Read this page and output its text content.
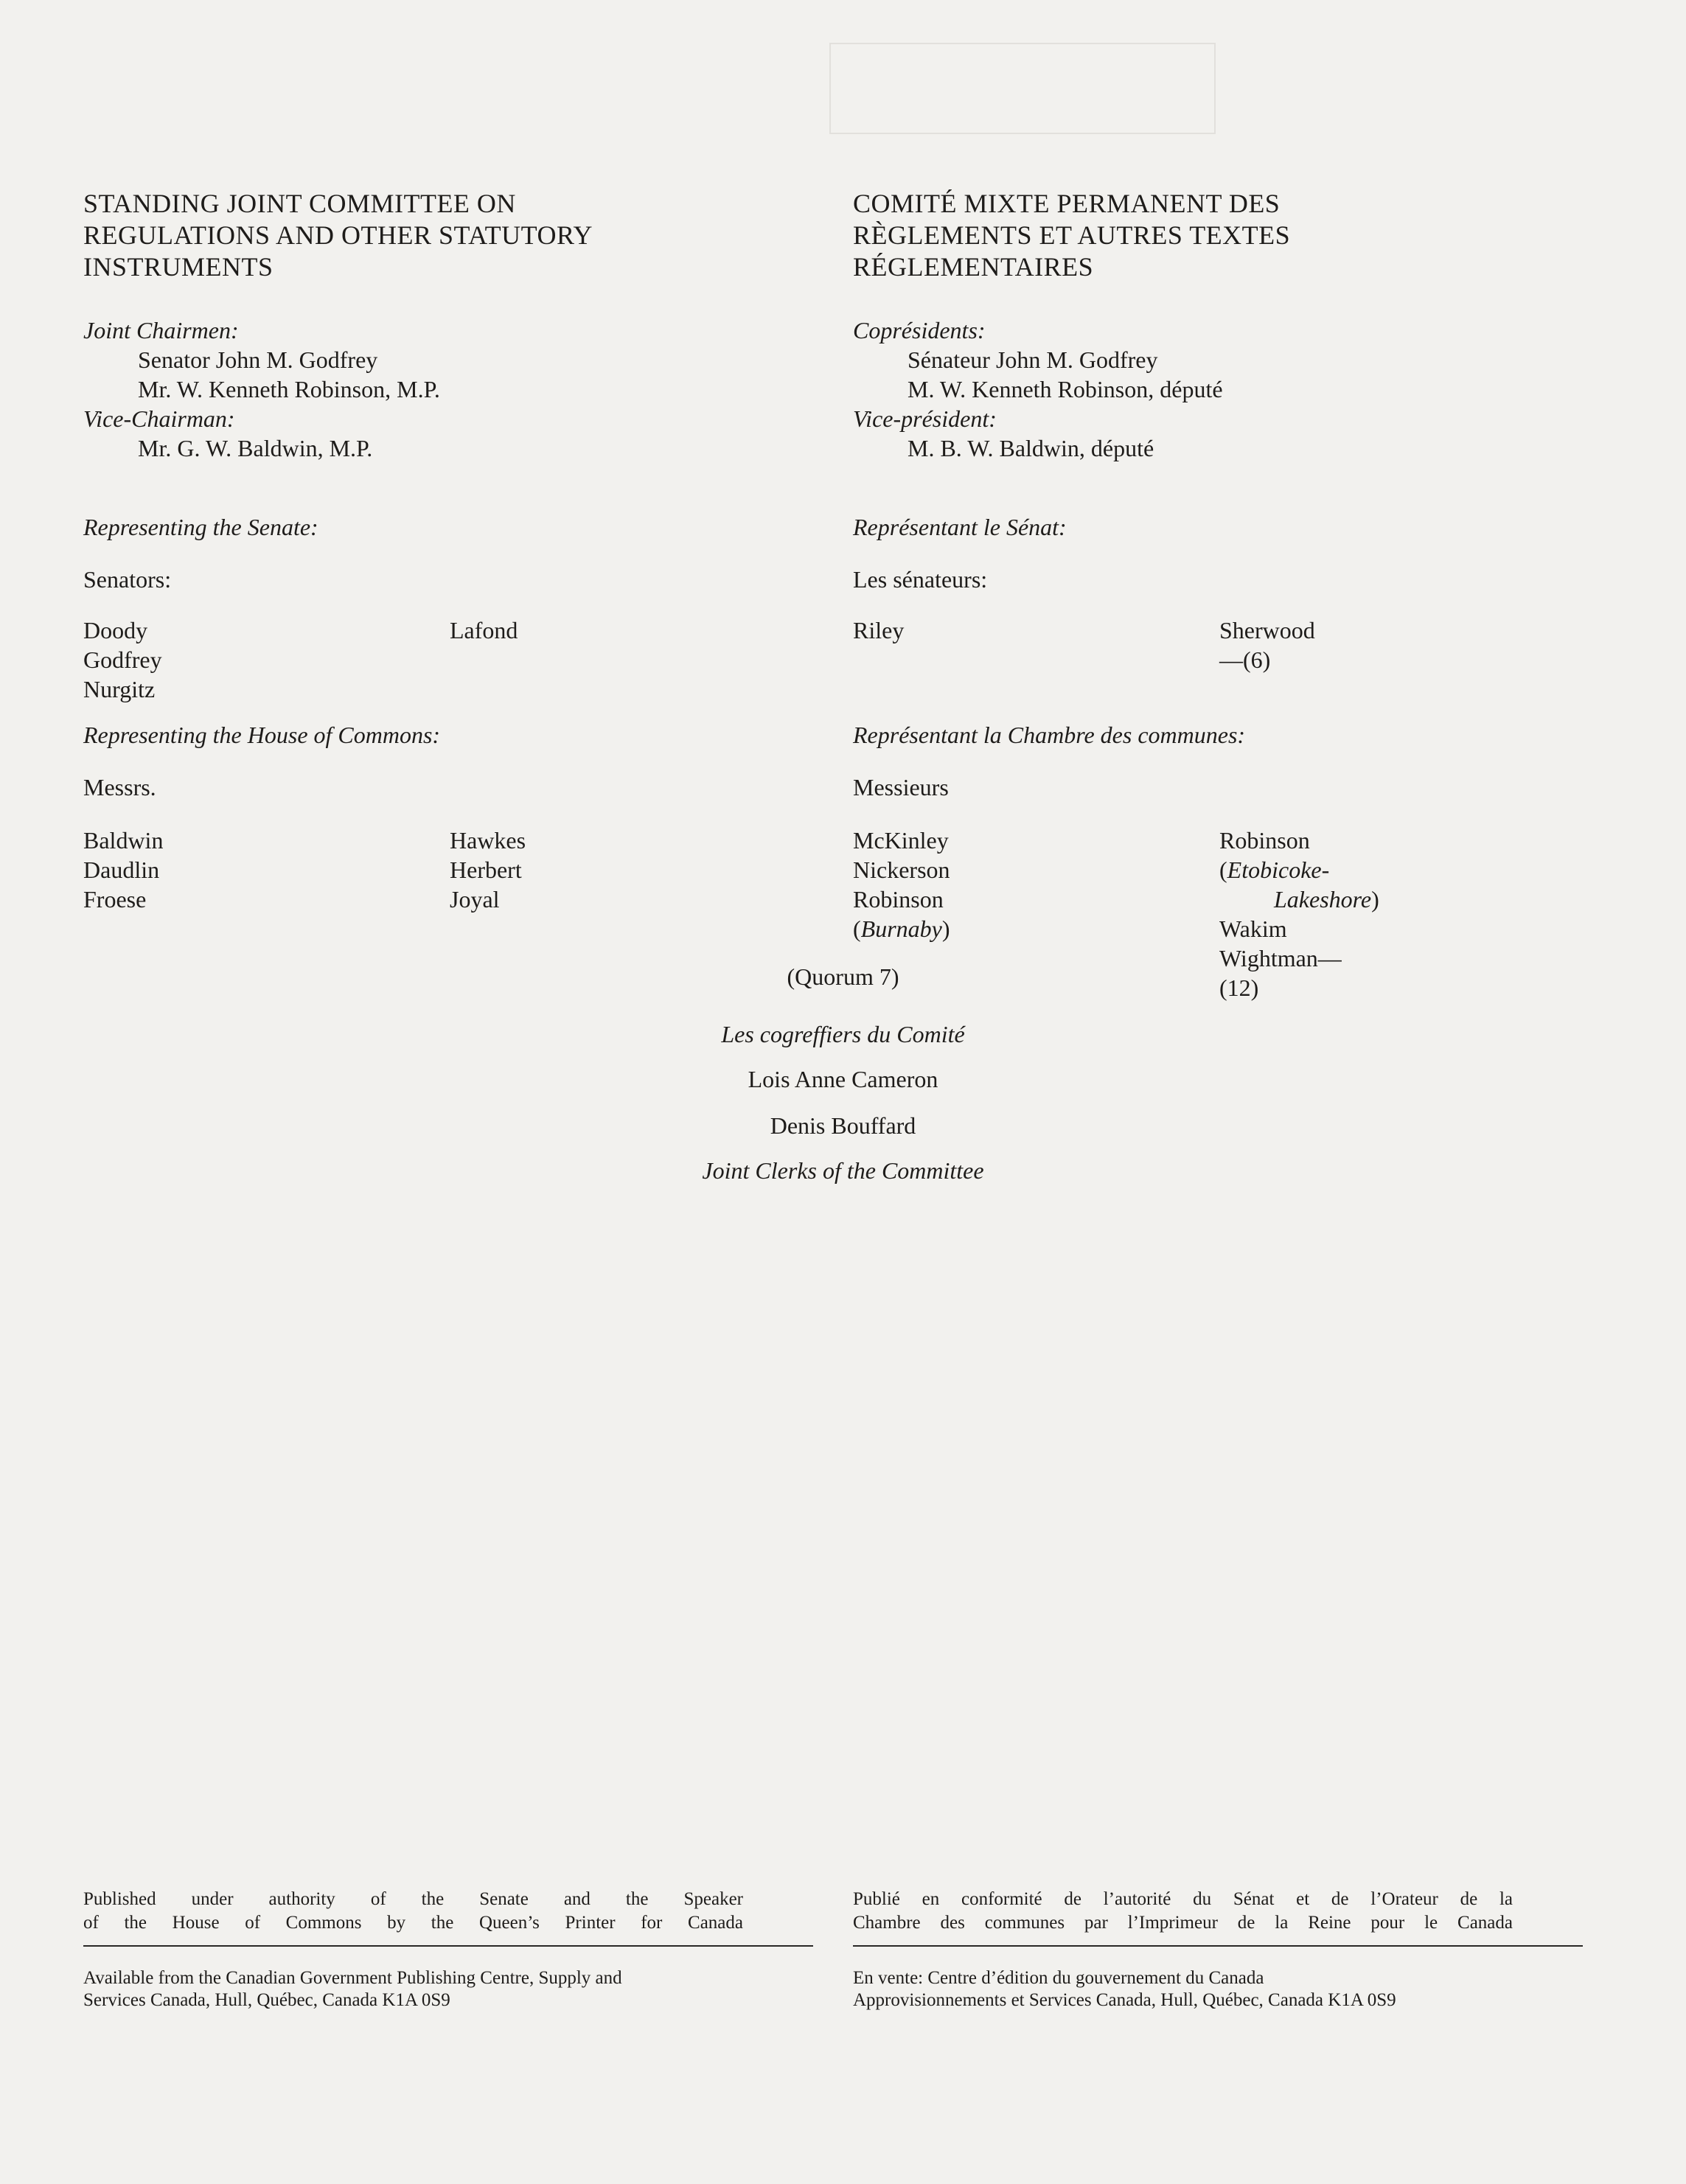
STANDING JOINT COMMITTEE ON
REGULATIONS AND OTHER STATUTORY
INSTRUMENTS
Joint Chairmen:
Senator John M. Godfrey
Mr. W. Kenneth Robinson, M.P.
Vice-Chairman:
Mr. G. W. Baldwin, M.P.
Representing the Senate:
Senators:
Doody
Godfrey Nurgitz
Lafond
Representing the House of Commons:
Messrs.
Baldwin
Daudlin
Froese
Hawkes
Herbert
Joyal
COMITÉ MIXTE PERMANENT DES
RÈGLEMENTS ET AUTRES TEXTES
RÉGLEMENTAIRES
Coprésidents:
Sénateur John M. Godfrey
M. W. Kenneth Robinson, député
Vice-président:
M. B. W. Baldwin, député
Représentant le Sénat:
Les sénateurs:
Riley	Sherwood—(6)
Représentant la Chambre des communes:
Messieurs
McKinley
Nickerson
Robinson (Burnaby)
Robinson (Etobicoke-
Lakeshore)
Wakim
Wightman—(12)
(Quorum 7)
Les cogreffiers du Comité
Lois Anne Cameron
Denis Bouffard
Joint Clerks of the Committee
Published under authority of the Senate and the Speaker
of the House of Commons by the Queen’s Printer for Canada
Publié en conformité de l’autorité du Sénat et de l’Orateur de la
Chambre des communes par l’Imprimeur de la Reine pour le Canada
Available from the Canadian Government Publishing Centre, Supply and
Services Canada, Hull, Québec, Canada K1A 0S9
En vente: Centre d’édition du gouvernement du Canada
Approvisionnements et Services Canada, Hull, Québec, Canada K1A 0S9
